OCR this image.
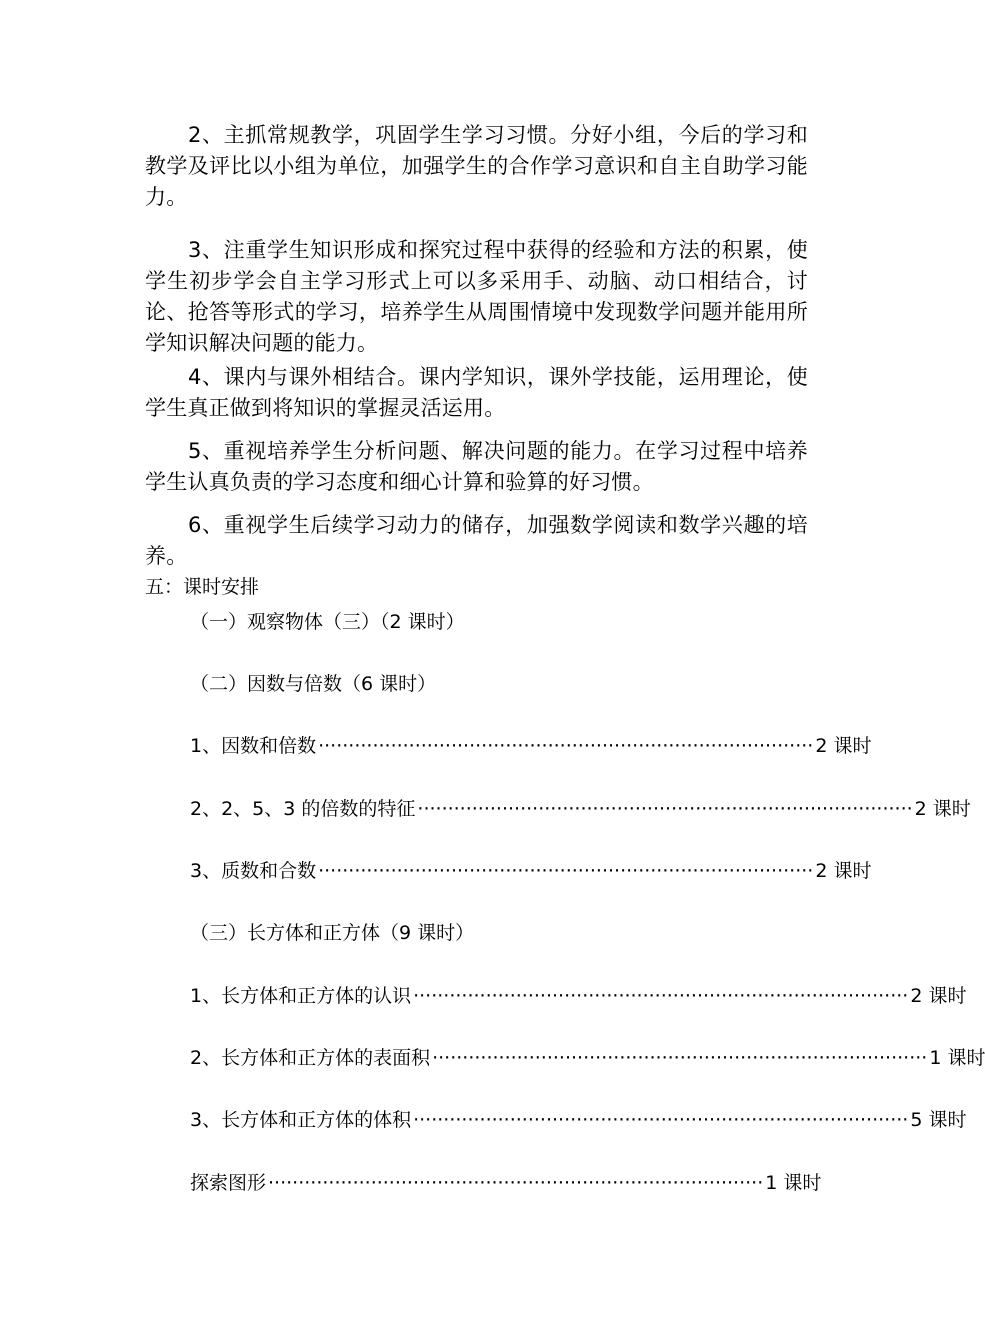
2、主抓常规教学，巩固学生学习习惯。分好小组，今后的学习和教学及评比以小组为单位，加强学生的合作学习意识和自主自助学习能力。

3、注重学生知识形成和探究过程中获得的经验和方法的积累，使学生初步学会自主学习形式上可以多采用手、动脑、动口相结合，讨论、抢答等形式的学习，培养学生从周围情境中发现数学问题并能用所学知识解决问题的能力。

4、课内与课外相结合。课内学知识，课外学技能，运用理论，使学生真正做到将知识的掌握灵活运用。

5、重视培养学生分析问题、解决问题的能力。在学习过程中培养学生认真负责的学习态度和细心计算和验算的好习惯。

6、重视学生后续学习动力的储存，加强数学阅读和数学兴趣的培养。

五：课时安排
（一）观察物体（三）（2 课时）
（二）因数与倍数（6 课时）
1、因数和倍数 ·················································································· 2 课时
2、2、5、3 的倍数的特征 ·················································································· 2 课时
3、质数和合数 ·················································································· 2 课时
（三）长方体和正方体（9 课时）
1、长方体和正方体的认识 ·················································································· 2 课时
2、长方体和正方体的表面积 ·················································································· 1 课时
3、长方体和正方体的体积 ·················································································· 5 课时
探索图形 ·················································································· 1 课时
